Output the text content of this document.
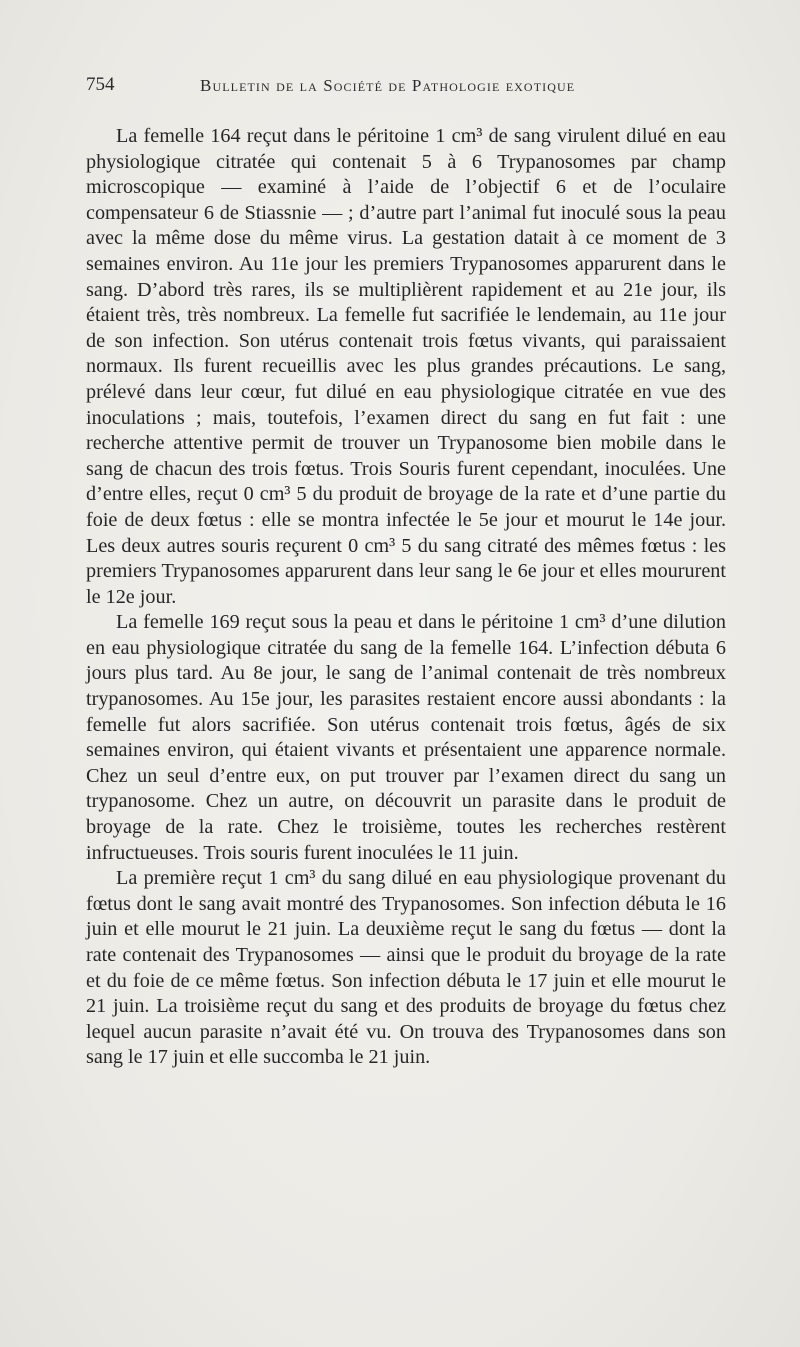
754	Bulletin de la Société de Pathologie exotique

La femelle 164 reçut dans le péritoine 1 cm³ de sang virulent dilué en eau physiologique citratée qui contenait 5 à 6 Trypanosomes par champ microscopique — examiné à l’aide de l’objectif 6 et de l’oculaire compensateur 6 de Stiassnie — ; d’autre part l’animal fut inoculé sous la peau avec la même dose du même virus. La gestation datait à ce moment de 3 semaines environ. Au 11e jour les premiers Trypanosomes apparurent dans le sang. D’abord très rares, ils se multiplièrent rapidement et au 21e jour, ils étaient très, très nombreux. La femelle fut sacrifiée le lendemain, au 11e jour de son infection. Son utérus contenait trois fœtus vivants, qui paraissaient normaux. Ils furent recueillis avec les plus grandes précautions. Le sang, prélevé dans leur cœur, fut dilué en eau physiologique citratée en vue des inoculations ; mais, toutefois, l’examen direct du sang en fut fait : une recherche attentive permit de trouver un Trypanosome bien mobile dans le sang de chacun des trois fœtus. Trois Souris furent cependant, inoculées. Une d’entre elles, reçut 0 cm³ 5 du produit de broyage de la rate et d’une partie du foie de deux fœtus : elle se montra infectée le 5e jour et mourut le 14e jour. Les deux autres souris reçurent 0 cm³ 5 du sang citraté des mêmes fœtus : les premiers Trypanosomes apparurent dans leur sang le 6e jour et elles moururent le 12e jour.

La femelle 169 reçut sous la peau et dans le péritoine 1 cm³ d’une dilution en eau physiologique citratée du sang de la femelle 164. L’infection débuta 6 jours plus tard. Au 8e jour, le sang de l’animal contenait de très nombreux trypanosomes. Au 15e jour, les parasites restaient encore aussi abondants : la femelle fut alors sacrifiée. Son utérus contenait trois fœtus, âgés de six semaines environ, qui étaient vivants et présentaient une apparence normale. Chez un seul d’entre eux, on put trouver par l’examen direct du sang un trypanosome. Chez un autre, on découvrit un parasite dans le produit de broyage de la rate. Chez le troisième, toutes les recherches restèrent infructueuses. Trois souris furent inoculées le 11 juin.

La première reçut 1 cm³ du sang dilué en eau physiologique provenant du fœtus dont le sang avait montré des Trypanosomes. Son infection débuta le 16 juin et elle mourut le 21 juin. La deuxième reçut le sang du fœtus — dont la rate contenait des Trypanosomes — ainsi que le produit du broyage de la rate et du foie de ce même fœtus. Son infection débuta le 17 juin et elle mourut le 21 juin. La troisième reçut du sang et des produits de broyage du fœtus chez lequel aucun parasite n’avait été vu. On trouva des Trypanosomes dans son sang le 17 juin et elle succomba le 21 juin.
